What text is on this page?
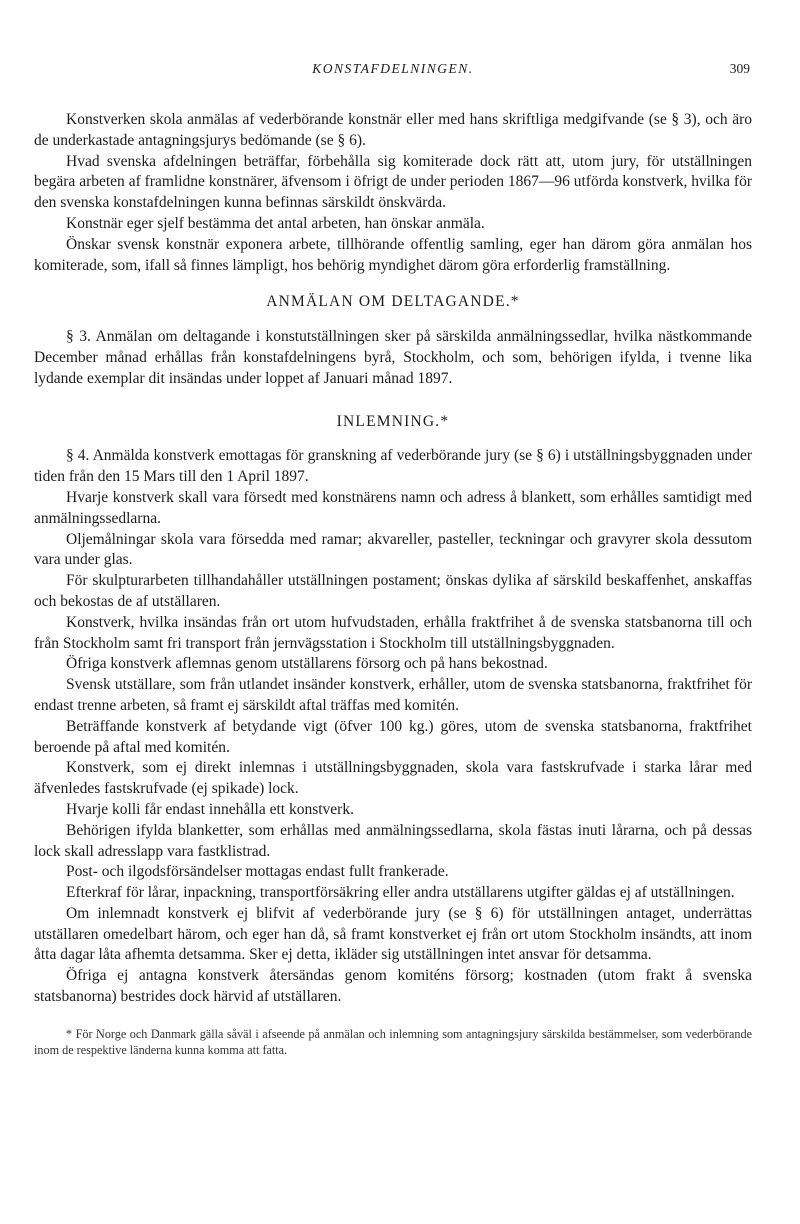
KONSTAFDELNINGEN.	309

Konstverken skola anmälas af vederbörande konstnär eller med hans skriftliga medgifvande (se § 3), och äro de underkastade antagningsjurys bedömande (se § 6).

Hvad svenska afdelningen beträffar, förbehålla sig komiterade dock rätt att, utom jury, för utställningen begära arbeten af framlidne konstnärer, äfvensom i öfrigt de under perioden 1867—96 utförda konstverk, hvilka för den svenska konstafdelningen kunna befinnas särskildt önskvärda.

Konstnär eger sjelf bestämma det antal arbeten, han önskar anmäla.

Önskar svensk konstnär exponera arbete, tillhörande offentlig samling, eger han därom göra anmälan hos komiterade, som, ifall så finnes lämpligt, hos behörig myndighet därom göra erforderlig framställning.

ANMÄLAN OM DELTAGANDE.*

§ 3. Anmälan om deltagande i konstutställningen sker på särskilda anmälningssedlar, hvilka nästkommande December månad erhållas från konstafdelningens byrå, Stockholm, och som, behörigen ifylda, i tvenne lika lydande exemplar dit insändas under loppet af Januari månad 1897.

INLEMNING.*

§ 4. Anmälda konstverk emottagas för granskning af vederbörande jury (se § 6) i utställningsbyggnaden under tiden från den 15 Mars till den 1 April 1897.

Hvarje konstverk skall vara försedt med konstnärens namn och adress å blankett, som erhålles samtidigt med anmälningssedlarna.

Oljemålningar skola vara försedda med ramar; akvareller, pasteller, teckningar och gravyrer skola dessutom vara under glas.

För skulpturarbeten tillhandahåller utställningen postament; önskas dylika af särskild beskaffenhet, anskaffas och bekostas de af utställaren.

Konstverk, hvilka insändas från ort utom hufvudstaden, erhålla fraktfrihet å de svenska statsbanorna till och från Stockholm samt fri transport från jernvägsstation i Stockholm till utställningsbyggnaden.

Öfriga konstverk aflemnas genom utställarens försorg och på hans bekostnad.

Svensk utställare, som från utlandet insänder konstverk, erhåller, utom de svenska statsbanorna, fraktfrihet för endast trenne arbeten, så framt ej särskildt aftal träffas med komitén.

Beträffande konstverk af betydande vigt (öfver 100 kg.) göres, utom de svenska statsbanorna, fraktfrihet beroende på aftal med komitén.

Konstverk, som ej direkt inlemnas i utställningsbyggnaden, skola vara fastskrufvade i starka lårar med äfvenledes fastskrufvade (ej spikade) lock.

Hvarje kolli får endast innehålla ett konstverk.

Behörigen ifylda blanketter, som erhållas med anmälningssedlarna, skola fästas inuti lårarna, och på dessas lock skall adresslapp vara fastklistrad.

Post- och ilgodsförsändelser mottagas endast fullt frankerade.

Efterkraf för lårar, inpackning, transportförsäkring eller andra utställarens utgifter gäldas ej af utställningen.

Om inlemnadt konstverk ej blifvit af vederbörande jury (se § 6) för utställningen antaget, underrättas utställaren omedelbart härom, och eger han då, så framt konstverket ej från ort utom Stockholm insändts, att inom åtta dagar låta afhemta detsamma. Sker ej detta, ikläder sig utställningen intet ansvar för detsamma.

Öfriga ej antagna konstverk återsändas genom komiténs försorg; kostnaden (utom frakt å svenska statsbanorna) bestrides dock härvid af utställaren.

* För Norge och Danmark gälla såväl i afseende på anmälan och inlemning som antagningsjury särskilda bestämmelser, som vederbörande inom de respektive länderna kunna komma att fatta.
